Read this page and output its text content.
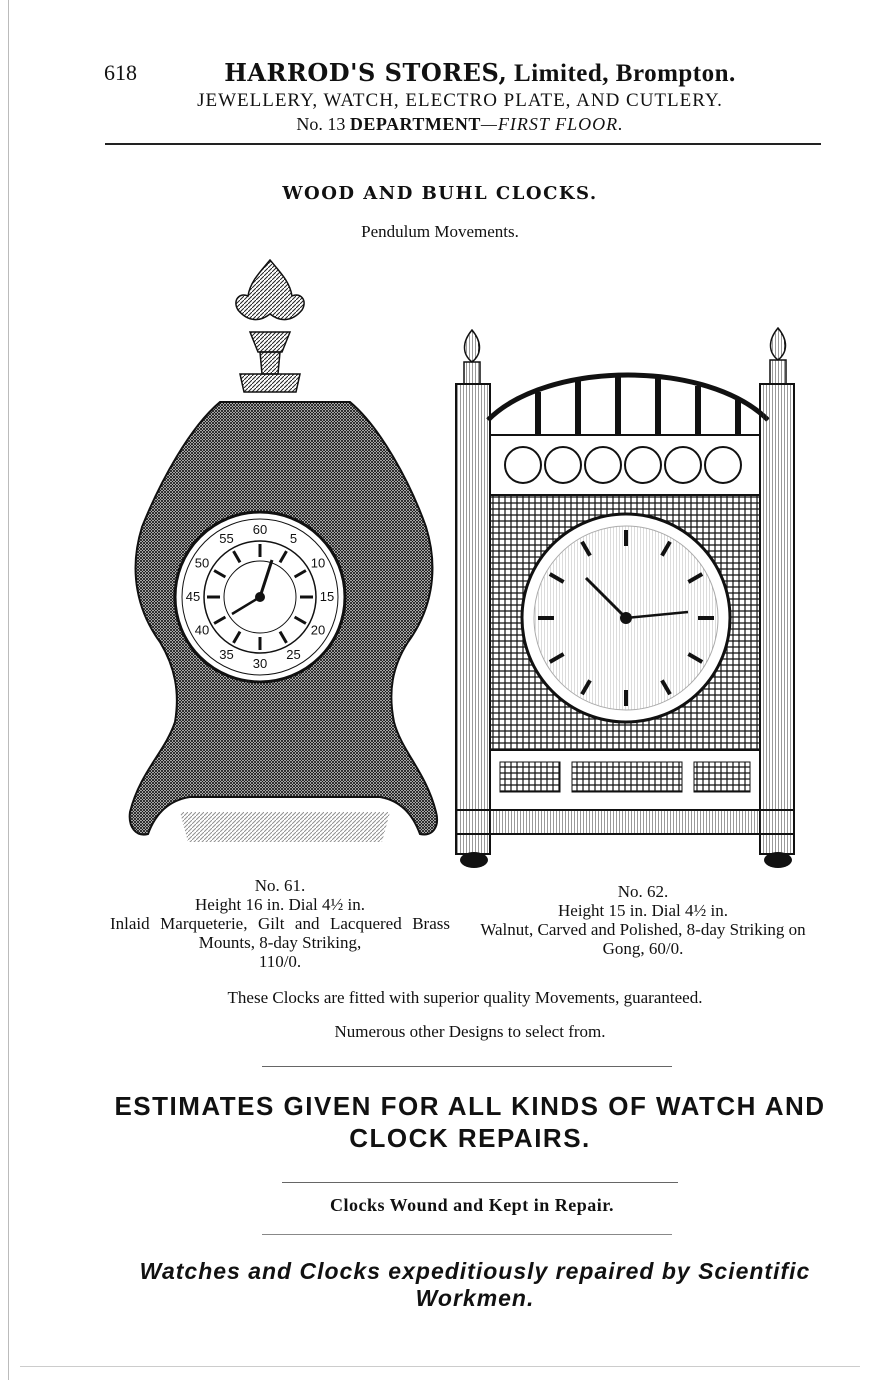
618	HARROD'S STORES, Limited, Brompton.
JEWELLERY, WATCH, ELECTRO PLATE, AND CUTLERY.
No. 13 DEPARTMENT—FIRST FLOOR.
WOOD AND BUHL CLOCKS.
Pendulum Movements.
5
10
15
20
25
30
35
40
45
50
55
60
No. 61.
Height 16 in. Dial 4½ in.
Inlaid Marqueterie, Gilt and Lacquered Brass Mounts, 8-day Striking,
110/0.
No. 62.
Height 15 in. Dial 4½ in.
Walnut, Carved and Polished, 8-day Striking on Gong, 60/0.
These Clocks are fitted with superior quality Movements, guaranteed.
Numerous other Designs to select from.
ESTIMATES GIVEN FOR ALL KINDS OF WATCH AND
CLOCK REPAIRS.
Clocks Wound and Kept in Repair.
Watches and Clocks expeditiously repaired by Scientific Workmen.
